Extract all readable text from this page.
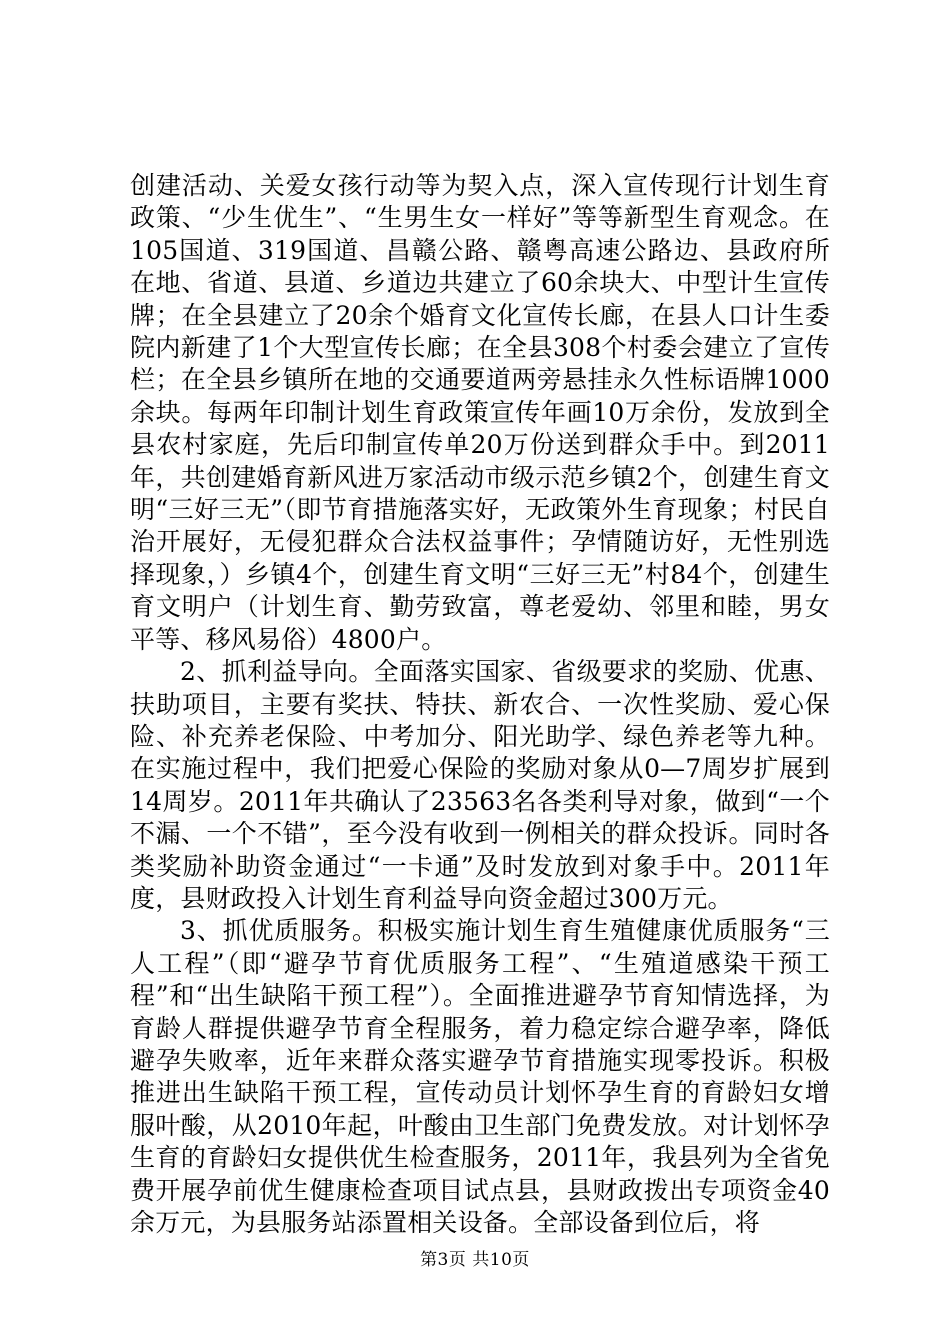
创建活动、关爱女孩行动等为契入点，深入宣传现行计划生育政策、“少生优生”、“生男生女一样好”等等新型生育观念。在105国道、319国道、昌赣公路、赣粤高速公路边、县政府所在地、省道、县道、乡道边共建立了60余块大、中型计生宣传牌；在全县建立了20余个婚育文化宣传长廊，在县人口计生委院内新建了1个大型宣传长廊；在全县308个村委会建立了宣传栏；在全县乡镇所在地的交通要道两旁悬挂永久性标语牌1000余块。每两年印制计划生育政策宣传年画10万余份，发放到全县农村家庭，先后印制宣传单20万份送到群众手中。到2011年，共创建婚育新风进万家活动市级示范乡镇2个，创建生育文明“三好三无”（即节育措施落实好，无政策外生育现象；村民自治开展好，无侵犯群众合法权益事件；孕情随访好，无性别选择现象，）乡镇4个，创建生育文明“三好三无”村84个，创建生育文明户（计划生育、勤劳致富，尊老爱幼、邻里和睦，男女平等、移风易俗）4800户。

2、抓利益导向。全面落实国家、省级要求的奖励、优惠、扶助项目，主要有奖扶、特扶、新农合、一次性奖励、爱心保险、补充养老保险、中考加分、阳光助学、绿色养老等九种。在实施过程中，我们把爱心保险的奖励对象从0—7周岁扩展到14周岁。2011年共确认了23563名各类利导对象，做到“一个不漏、一个不错”，至今没有收到一例相关的群众投诉。同时各类奖励补助资金通过“一卡通”及时发放到对象手中。2011年度，县财政投入计划生育利益导向资金超过300万元。

3、抓优质服务。积极实施计划生育生殖健康优质服务“三人工程”（即“避孕节育优质服务工程”、“生殖道感染干预工程”和“出生缺陷干预工程”）。全面推进避孕节育知情选择，为育龄人群提供避孕节育全程服务，着力稳定综合避孕率，降低避孕失败率，近年来群众落实避孕节育措施实现零投诉。积极推进出生缺陷干预工程，宣传动员计划怀孕生育的育龄妇女增服叶酸，从2010年起，叶酸由卫生部门免费发放。对计划怀孕生育的育龄妇女提供优生检查服务，2011年，我县列为全省免费开展孕前优生健康检查项目试点县，县财政拨出专项资金40余万元，为县服务站添置相关设备。全部设备到位后，将

第3页 共10页
